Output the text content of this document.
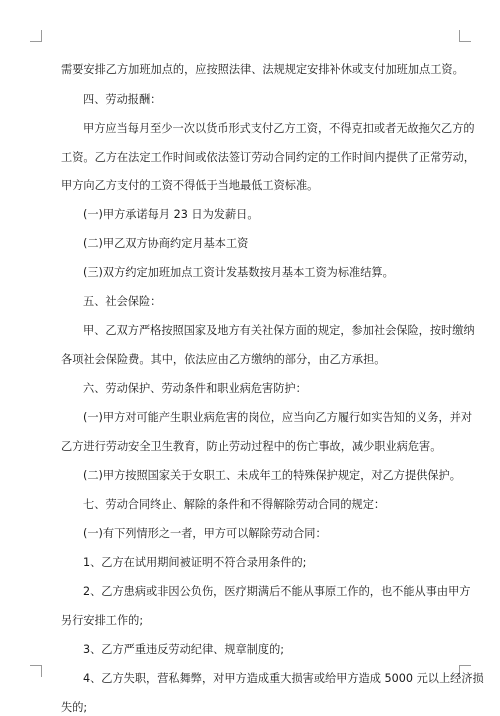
需要安排乙方加班加点的，应按照法律、法规规定安排补休或支付加班加点工资。
四、劳动报酬：
甲方应当每月至少一次以货币形式支付乙方工资，不得克扣或者无故拖欠乙方的
工资。乙方在法定工作时间或依法签订劳动合同约定的工作时间内提供了正常劳动，
甲方向乙方支付的工资不得低于当地最低工资标准。
(一)甲方承诺每月 23 日为发薪日。
(二)甲乙双方协商约定月基本工资
(三)双方约定加班加点工资计发基数按月基本工资为标准结算。
五、社会保险：
甲、乙双方严格按照国家及地方有关社保方面的规定，参加社会保险，按时缴纳
各项社会保险费。其中，依法应由乙方缴纳的部分，由乙方承担。
六、劳动保护、劳动条件和职业病危害防护：
(一)甲方对可能产生职业病危害的岗位，应当向乙方履行如实告知的义务，并对
乙方进行劳动安全卫生教育，防止劳动过程中的伤亡事故，减少职业病危害。
(二)甲方按照国家关于女职工、未成年工的特殊保护规定，对乙方提供保护。
七、劳动合同终止、解除的条件和不得解除劳动合同的规定：
(一)有下列情形之一者，甲方可以解除劳动合同：
1、乙方在试用期间被证明不符合录用条件的;
2、乙方患病或非因公负伤，医疗期满后不能从事原工作的，也不能从事由甲方
另行安排工作的;
3、乙方严重违反劳动纪律、规章制度的;
4、乙方失职，营私舞弊，对甲方造成重大损害或给甲方造成 5000 元以上经济损
失的;
